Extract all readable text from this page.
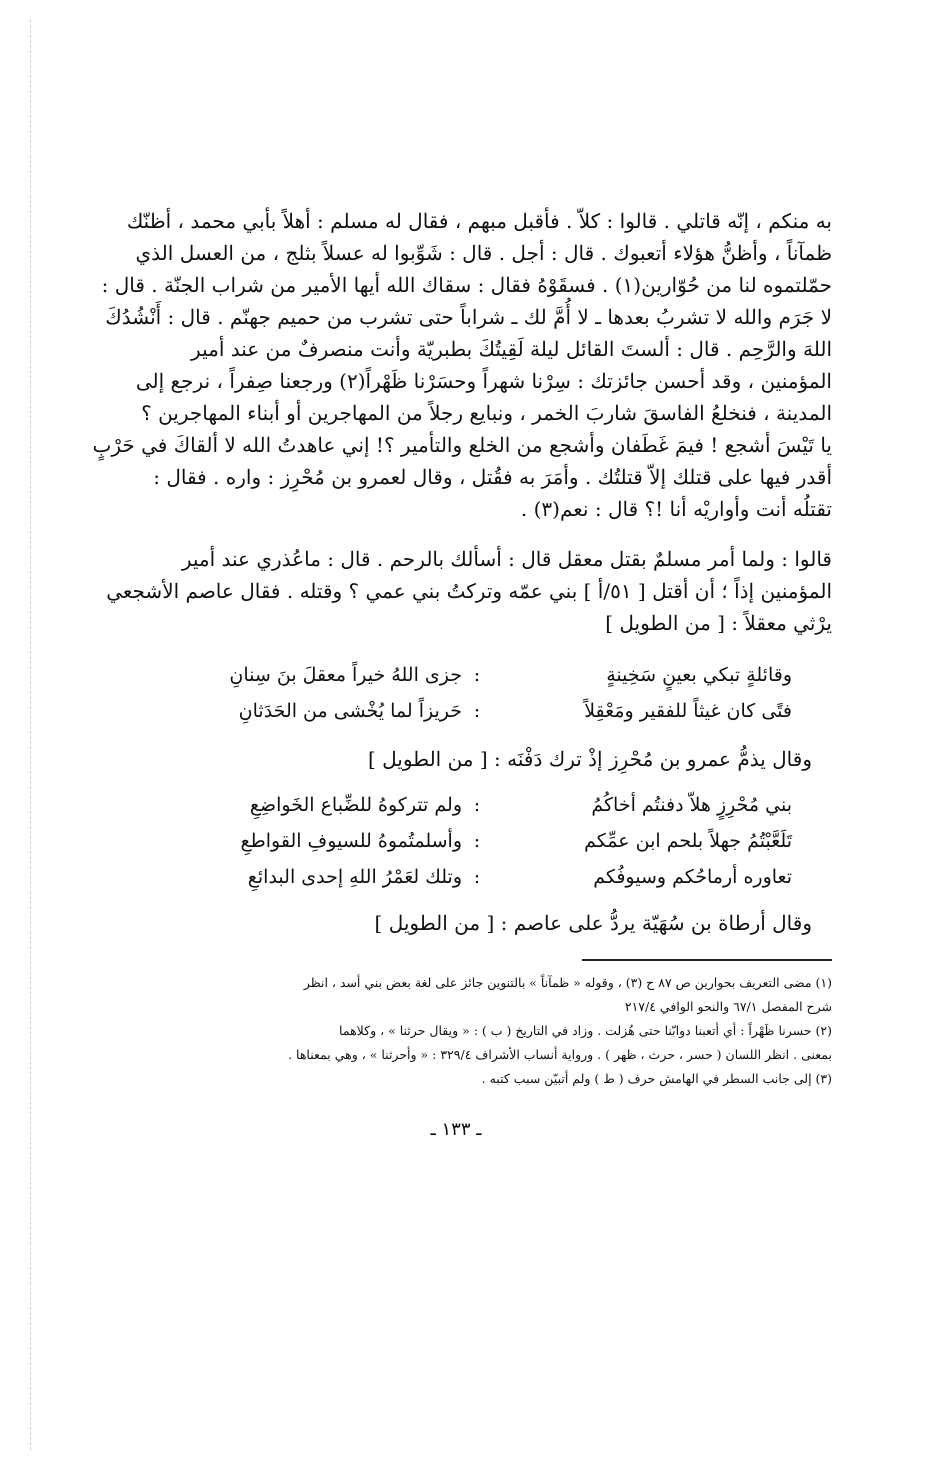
به منكم ، إنّه قاتلي . قالوا : كلاّ . فأقبل مبهم ، فقال له مسلم : أهلاً بأبي محمد ، أظنّك

ظمآناً ، وأظنُّ هؤلاء أتعبوك . قال : أجل . قال : شَوِّبوا له عسلاً بثلج ، من العسل الذي

حمّلتموه لنا من حُوّارين(١) . فسقَوْهُ فقال : سقاك الله أيها الأمير من شراب الجنّة . قال :

لا جَرَم والله لا تشربُ بعدها ـ لا أُمَّ لك ـ شراباً حتى تشرب من حميم جهنّم . قال : أَنْشُدُكَ

اللهَ والرَّحِم . قال : ألستَ القائل ليلة لَقِيتُكَ بطبريّة وأنت منصرفٌ من عند أمير

المؤمنين ، وقد أحسن جائزتك : سِرْنا شهراً وحسَرْنا ظَهْراً(٢) ورجعنا صِفراً ، نرجع إلى

المدينة ، فنخلعُ الفاسقَ شاربَ الخمر ، ونبايع رجلاً من المهاجرين أو أبناء المهاجرين ؟

يا تَيْسَ أشجع ! فيمَ غَطَفان وأشجع من الخلع والتأمير ؟! إني عاهدتُ الله لا ألقاكَ في حَرْبٍ

أقدر فيها على قتلك إلاّ قتلتُك . وأمَرَ به فقُتل ، وقال لعمرو بن مُحْرِز : واره . فقال :

تقتلُه أنت وأواريْه أنا !؟ قال : نعم(٣) .

قالوا : ولما أمر مسلمٌ بقتل معقل قال : أسألك بالرحم . قال : ماعُذري عند أمير

المؤمنين إذاً ؛ أن أقتل [ ٥١/أ ] بني عمّه وتركتُ بني عمي ؟ وقتله . فقال عاصم الأشجعي

يرْثي معقلاً : [ من الطويل ]

وقائلةٍ تبكي بعينٍ سَخِينةٍ
:
جزى اللهُ خيراً معقلَ بنَ سِنانِ
فتًى كان غيثاً للفقير ومَعْقِلاً
:
حَريزاً لما يُخْشى من الحَدَثانِ
وقال يذمُّ عمرو بن مُحْرِز إذْ ترك دَفْنَه : [ من الطويل ]
بني مُحْرِزٍ هلاّ دفنتُم أخاكُمُ
:
ولم تتركوهُ للضِّباع الخَواضِعِ
تَلَعَّبْتُمُ جهلاً بلحم ابن عمِّكم
:
وأسلمتُموهُ للسيوفِ القواطعِ
تعاوره أرماحُكم وسيوفُكم
:
وتلك لعَمْرُ اللهِ إحدى البدائعِ
وقال أرطاة بن سُهَيّة يردُّ على عاصم : [ من الطويل ]

(١) مضى التعريف بحوارين ص ٨٧ ح (٣) ، وقوله « ظمآناً » بالتنوين جائز على لغة بعض بني أسد ، انظر

شرح المفصل ٦٧/١ والنحو الوافي ٢١٧/٤

(٢) حسرنا ظَهْراً : أي أتعبنا دوابّنا حتى هُزلت . وزاد في التاريخ ( ب ) : « ويقال حرثنا » ، وكلاهما

بمعنى . انظر اللسان ( حسر ، حرث ، ظهر ) . ورواية أنساب الأشراف ٣٢٩/٤ : « وأحرثنا » ، وهي بمعناها .

(٣) إلى جانب السطر في الهامش حرف ( ط ) ولم أتبيّن سبب كتبه .

ـ ١٣٣ ـ
